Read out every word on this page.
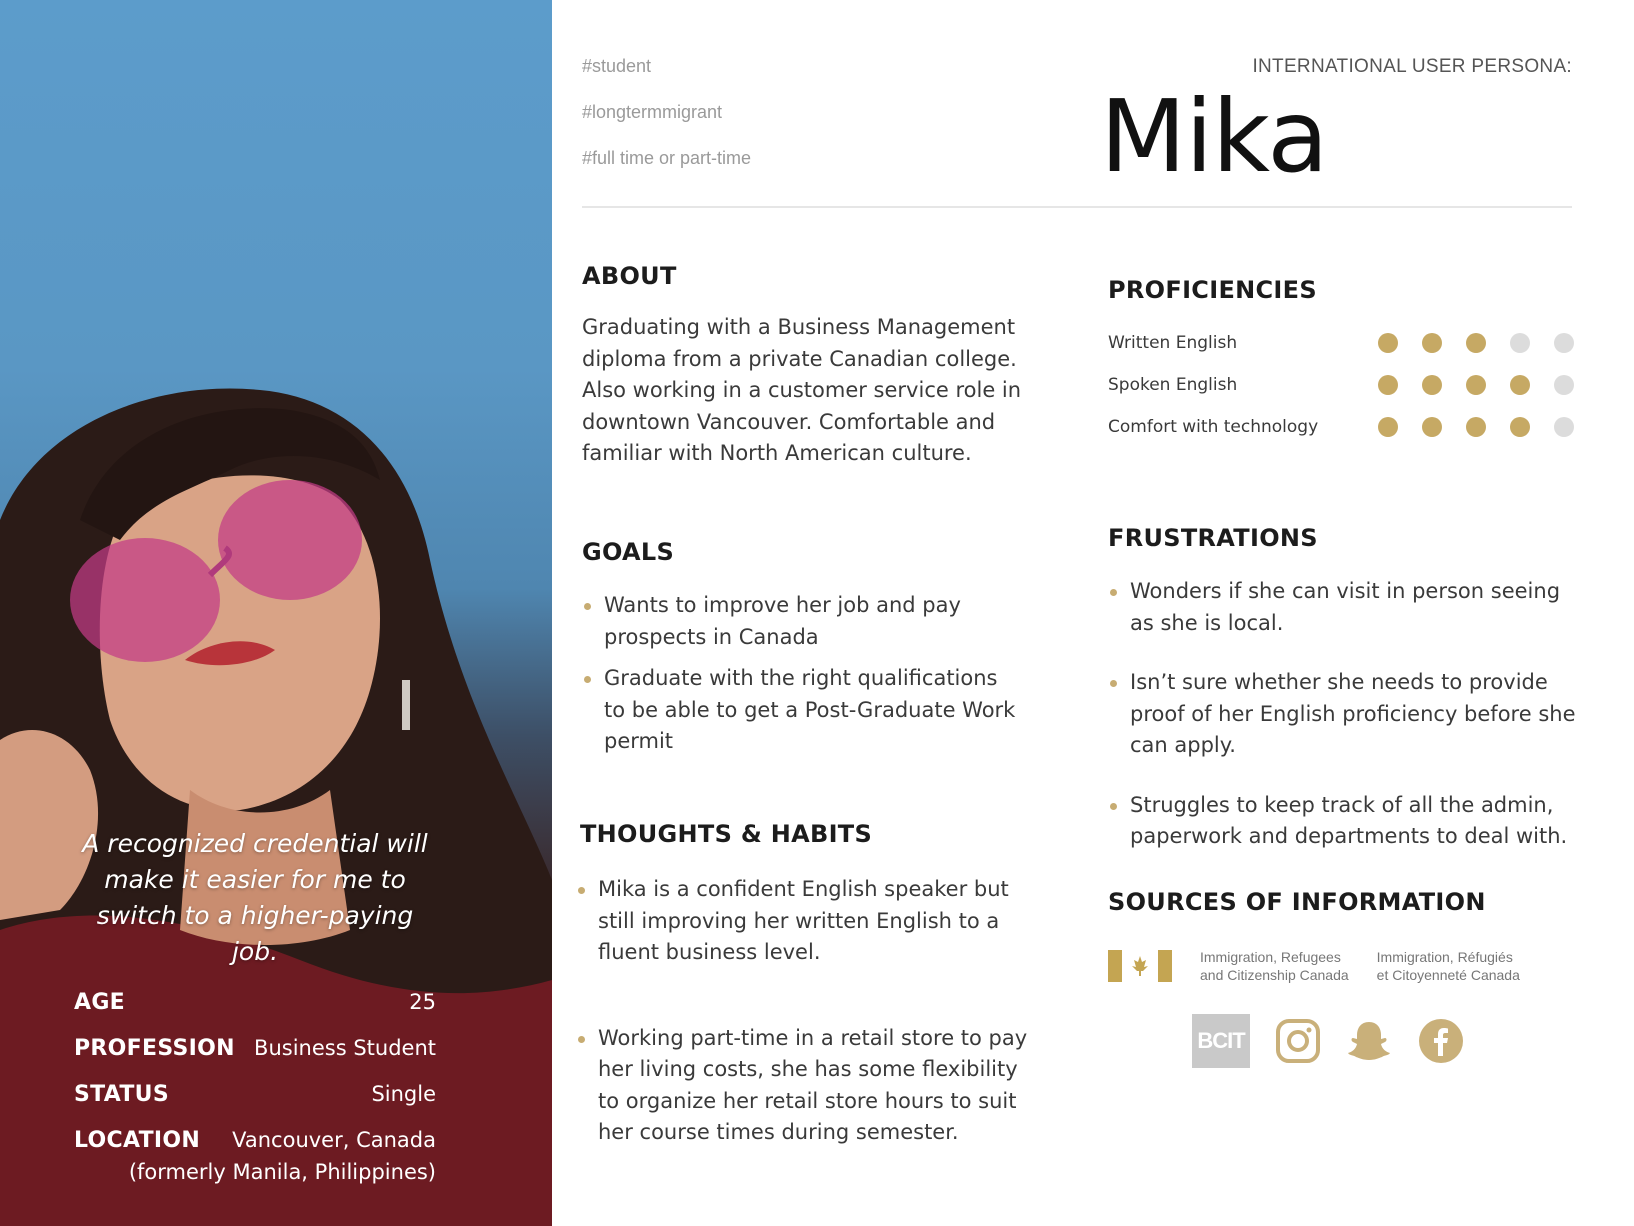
A recognized credential will make it easier for me to switch to a higher-paying job.
AGE	25
PROFESSION Business Student
STATUS	Single
LOCATION Vancouver, Canada
(formerly Manila, Philippines)
#student
#longtermmigrant
#full time or part-time
INTERNATIONAL USER PERSONA:
Mika
ABOUT
Graduating with a Business Management diploma from a private Canadian college. Also working in a customer service role in downtown Vancouver. Comfortable and familiar with North American culture.
GOALS
Wants to improve her job and pay prospects in Canada
Graduate with the right qualifications to be able to get a Post-Graduate Work permit
THOUGHTS & HABITS
Mika is a confident English speaker but still improving her written English to a fluent business level.
Working part-time in a retail store to pay her living costs, she has some flexibility to organize her retail store hours to suit her course times during semester.
PROFICIENCIES
Written English
Spoken English
Comfort with technology
FRUSTRATIONS
Wonders if she can visit in person seeing as she is local.
Isn’t sure whether she needs to provide proof of her English proficiency before she can apply.
Struggles to keep track of all the admin, paperwork and departments to deal with.
SOURCES OF INFORMATION
Immigration, Refugees
and Citizenship Canada
Immigration, Réfugiés
et Citoyenneté Canada
BCIT
